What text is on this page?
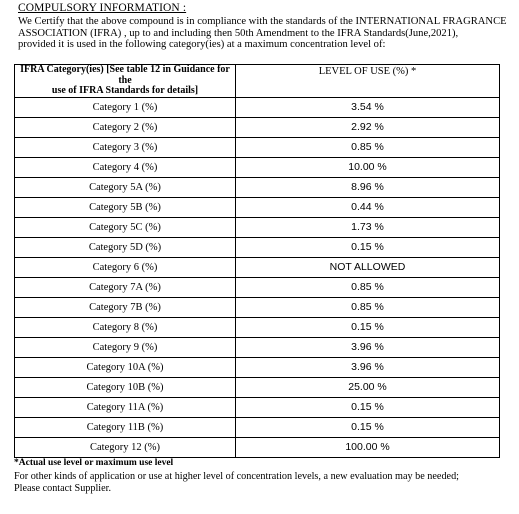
COMPULSORY INFORMATION :
We Certify that the above compound is in compliance with the standards of the INTERNATIONAL FRAGRANCE
ASSOCIATION (IFRA) , up to and including then 50th Amendment to the IFRA Standards(June,2021),
provided it is used in the following category(ies) at a maximum concentration level of:
IFRA Category(ies) [See table 12 in Guidance for the
use of IFRA Standards for details]	LEVEL OF USE (%) *
Category 1 (%)	3.54 %
Category 2 (%)	2.92 %
Category 3 (%)	0.85 %
Category 4 (%)	10.00 %
Category 5A (%)	8.96 %
Category 5B (%)	0.44 %
Category 5C (%)	1.73 %
Category 5D (%)	0.15 %
Category 6 (%)	NOT ALLOWED
Category 7A (%)	0.85 %
Category 7B (%)	0.85 %
Category 8 (%)	0.15 %
Category 9 (%)	3.96 %
Category 10A (%)	3.96 %
Category 10B (%)	25.00 %
Category 11A (%)	0.15 %
Category 11B (%)	0.15 %
Category 12 (%)	100.00 %
*Actual use level or maximum use level
For other kinds of application or use at higher level of concentration levels, a new evaluation may be needed;
Please contact Supplier.
